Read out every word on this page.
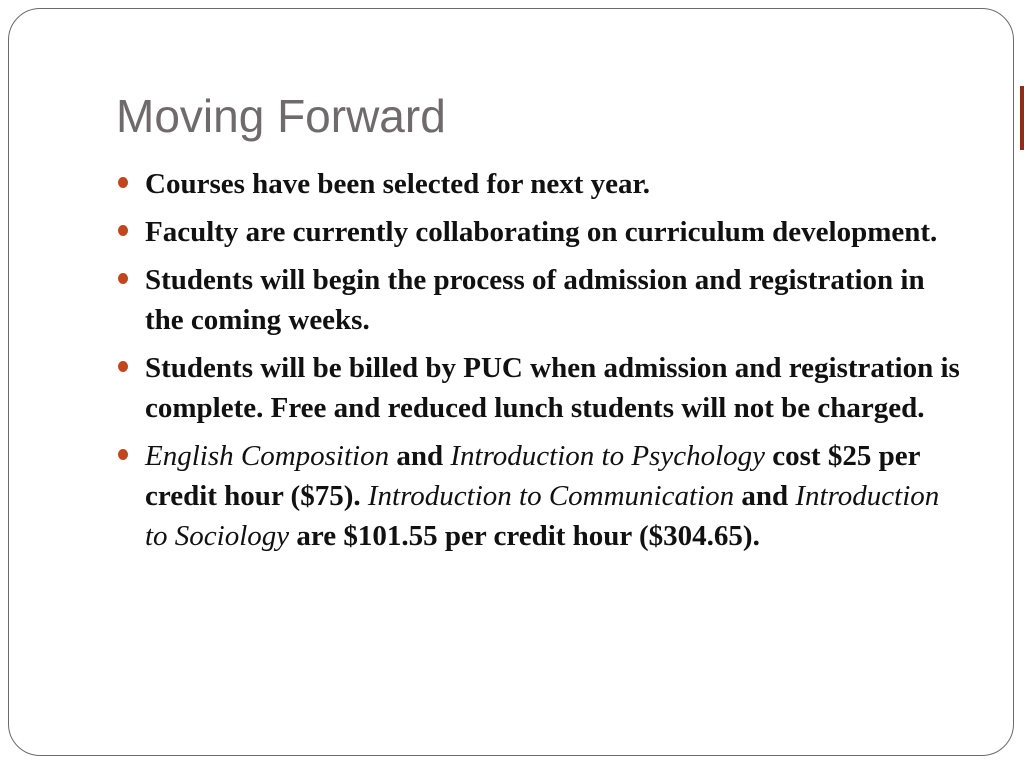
Moving Forward
Courses have been selected for next year.
Faculty are currently collaborating on curriculum development.
Students will begin the process of admission and registration in the coming weeks.
Students will be billed by PUC when admission and registration is complete. Free and reduced lunch students will not be charged.
English Composition and Introduction to Psychology cost $25 per credit hour ($75). Introduction to Communication and Introduction to Sociology are $101.55 per credit hour ($304.65).
